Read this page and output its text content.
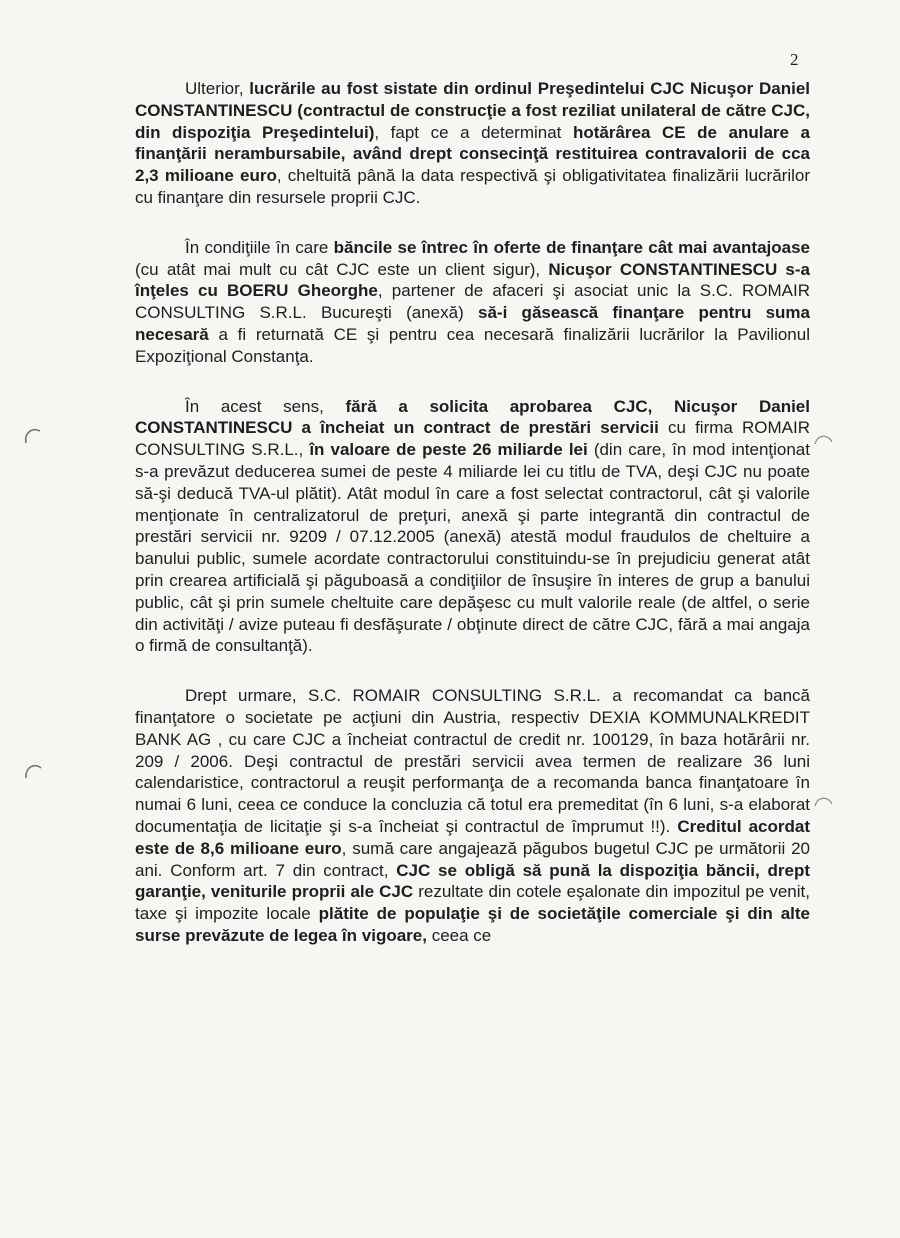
2

Ulterior, lucrările au fost sistate din ordinul Preşedintelui CJC Nicuşor Daniel CONSTANTINESCU (contractul de construcţie a fost reziliat unilateral de către CJC, din dispoziţia Preşedintelui), fapt ce a determinat hotărârea CE de anulare a finanţării nerambursabile, având drept consecinţă restituirea contravalorii de cca 2,3 milioane euro, cheltuită până la data respectivă şi obligativitatea finalizării lucrărilor cu finanţare din resursele proprii CJC.

În condiţiile în care băncile se întrec în oferte de finanţare cât mai avantajoase (cu atât mai mult cu cât CJC este un client sigur), Nicuşor CONSTANTINESCU s-a înţeles cu BOERU Gheorghe, partener de afaceri şi asociat unic la S.C. ROMAIR CONSULTING S.R.L. Bucureşti (anexă) să-i găsească finanţare pentru suma necesară a fi returnată CE şi pentru cea necesară finalizării lucrărilor la Pavilionul Expoziţional Constanţa.

În acest sens, fără a solicita aprobarea CJC, Nicuşor Daniel CONSTANTINESCU a încheiat un contract de prestări servicii cu firma ROMAIR CONSULTING S.R.L., în valoare de peste 26 miliarde lei (din care, în mod intenţionat s-a prevăzut deducerea sumei de peste 4 miliarde lei cu titlu de TVA, deşi CJC nu poate să-şi deducă TVA-ul plătit). Atât modul în care a fost selectat contractorul, cât şi valorile menţionate în centralizatorul de preţuri, anexă şi parte integrantă din contractul de prestări servicii nr. 9209 / 07.12.2005 (anexă) atestă modul fraudulos de cheltuire a banului public, sumele acordate contractorului constituindu-se în prejudiciu generat atât prin crearea artificială şi păguboasă a condiţiilor de însuşire în interes de grup a banului public, cât şi prin sumele cheltuite care depăşesc cu mult valorile reale (de altfel, o serie din activităţi / avize puteau fi desfăşurate / obţinute direct de către CJC, fără a mai angaja o firmă de consultanţă).

Drept urmare, S.C. ROMAIR CONSULTING S.R.L. a recomandat ca bancă finanţatore o societate pe acţiuni din Austria, respectiv DEXIA KOMMUNALKREDIT BANK AG , cu care CJC a încheiat contractul de credit nr. 100129, în baza hotărârii nr. 209 / 2006. Deşi contractul de prestări servicii avea termen de realizare 36 luni calendaristice, contractorul a reuşit performanţa de a recomanda banca finanţatoare în numai 6 luni, ceea ce conduce la concluzia că totul era premeditat (în 6 luni, s-a elaborat documentaţia de licitaţie şi s-a încheiat şi contractul de împrumut !!). Creditul acordat este de 8,6 milioane euro, sumă care angajează păgubos bugetul CJC pe următorii 20 ani. Conform art. 7 din contract, CJC se obligă să pună la dispoziţia băncii, drept garanţie, veniturile proprii ale CJC rezultate din cotele eşalonate din impozitul pe venit, taxe şi impozite locale plătite de populaţie şi de societăţile comerciale şi din alte surse prevăzute de legea în vigoare, ceea ce
